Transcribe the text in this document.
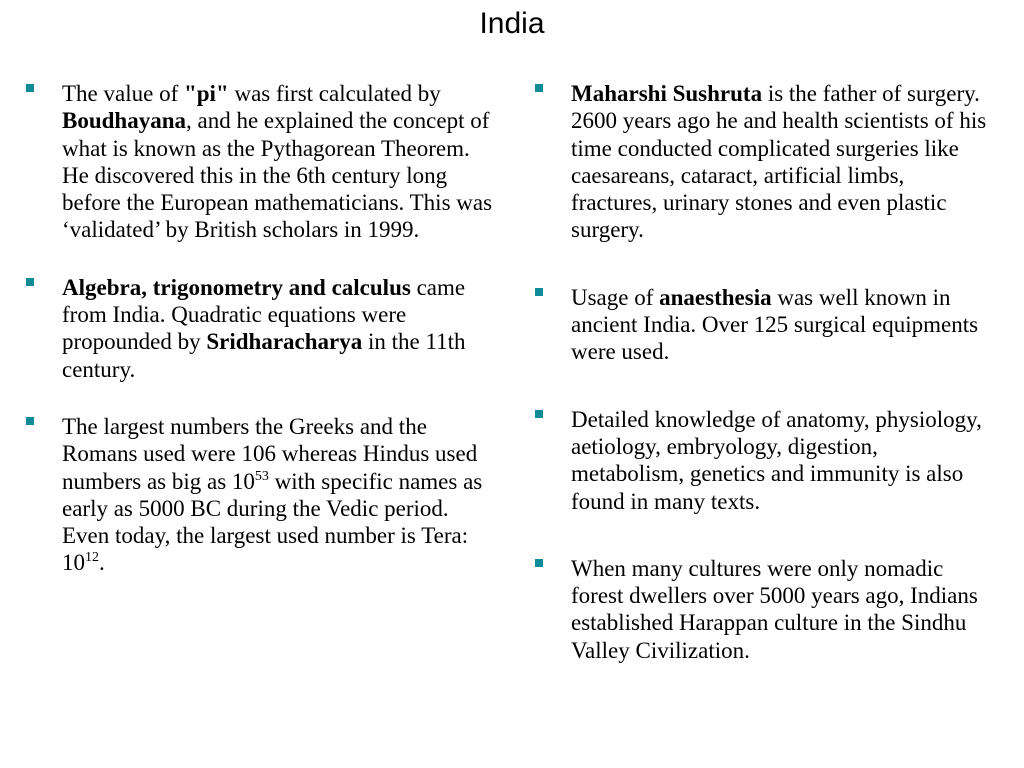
India
The value of "pi" was first calculated by Boudhayana, and he explained the concept of what is known as the Pythagorean Theorem. He discovered this in the 6th century long before the European mathematicians. This was ‘validated’ by British scholars in 1999.
Algebra, trigonometry and calculus came from India. Quadratic equations were propounded by Sridharacharya in the 11th century.
The largest numbers the Greeks and the Romans used were 106 whereas Hindus used numbers as big as $10^{53}$ with specific names as early as 5000 BC during the Vedic period. Even today, the largest used number is Tera: $10^{12}$.
Maharshi Sushruta is the father of surgery. 2600 years ago he and health scientists of his time conducted complicated surgeries like caesareans, cataract, artificial limbs, fractures, urinary stones and even plastic surgery.
Usage of anaesthesia was well known in ancient India. Over 125 surgical equipments were used.
Detailed knowledge of anatomy, physiology, aetiology, embryology, digestion, metabolism, genetics and immunity is also found in many texts.
When many cultures were only nomadic forest dwellers over 5000 years ago, Indians established Harappan culture in the Sindhu Valley Civilization.
